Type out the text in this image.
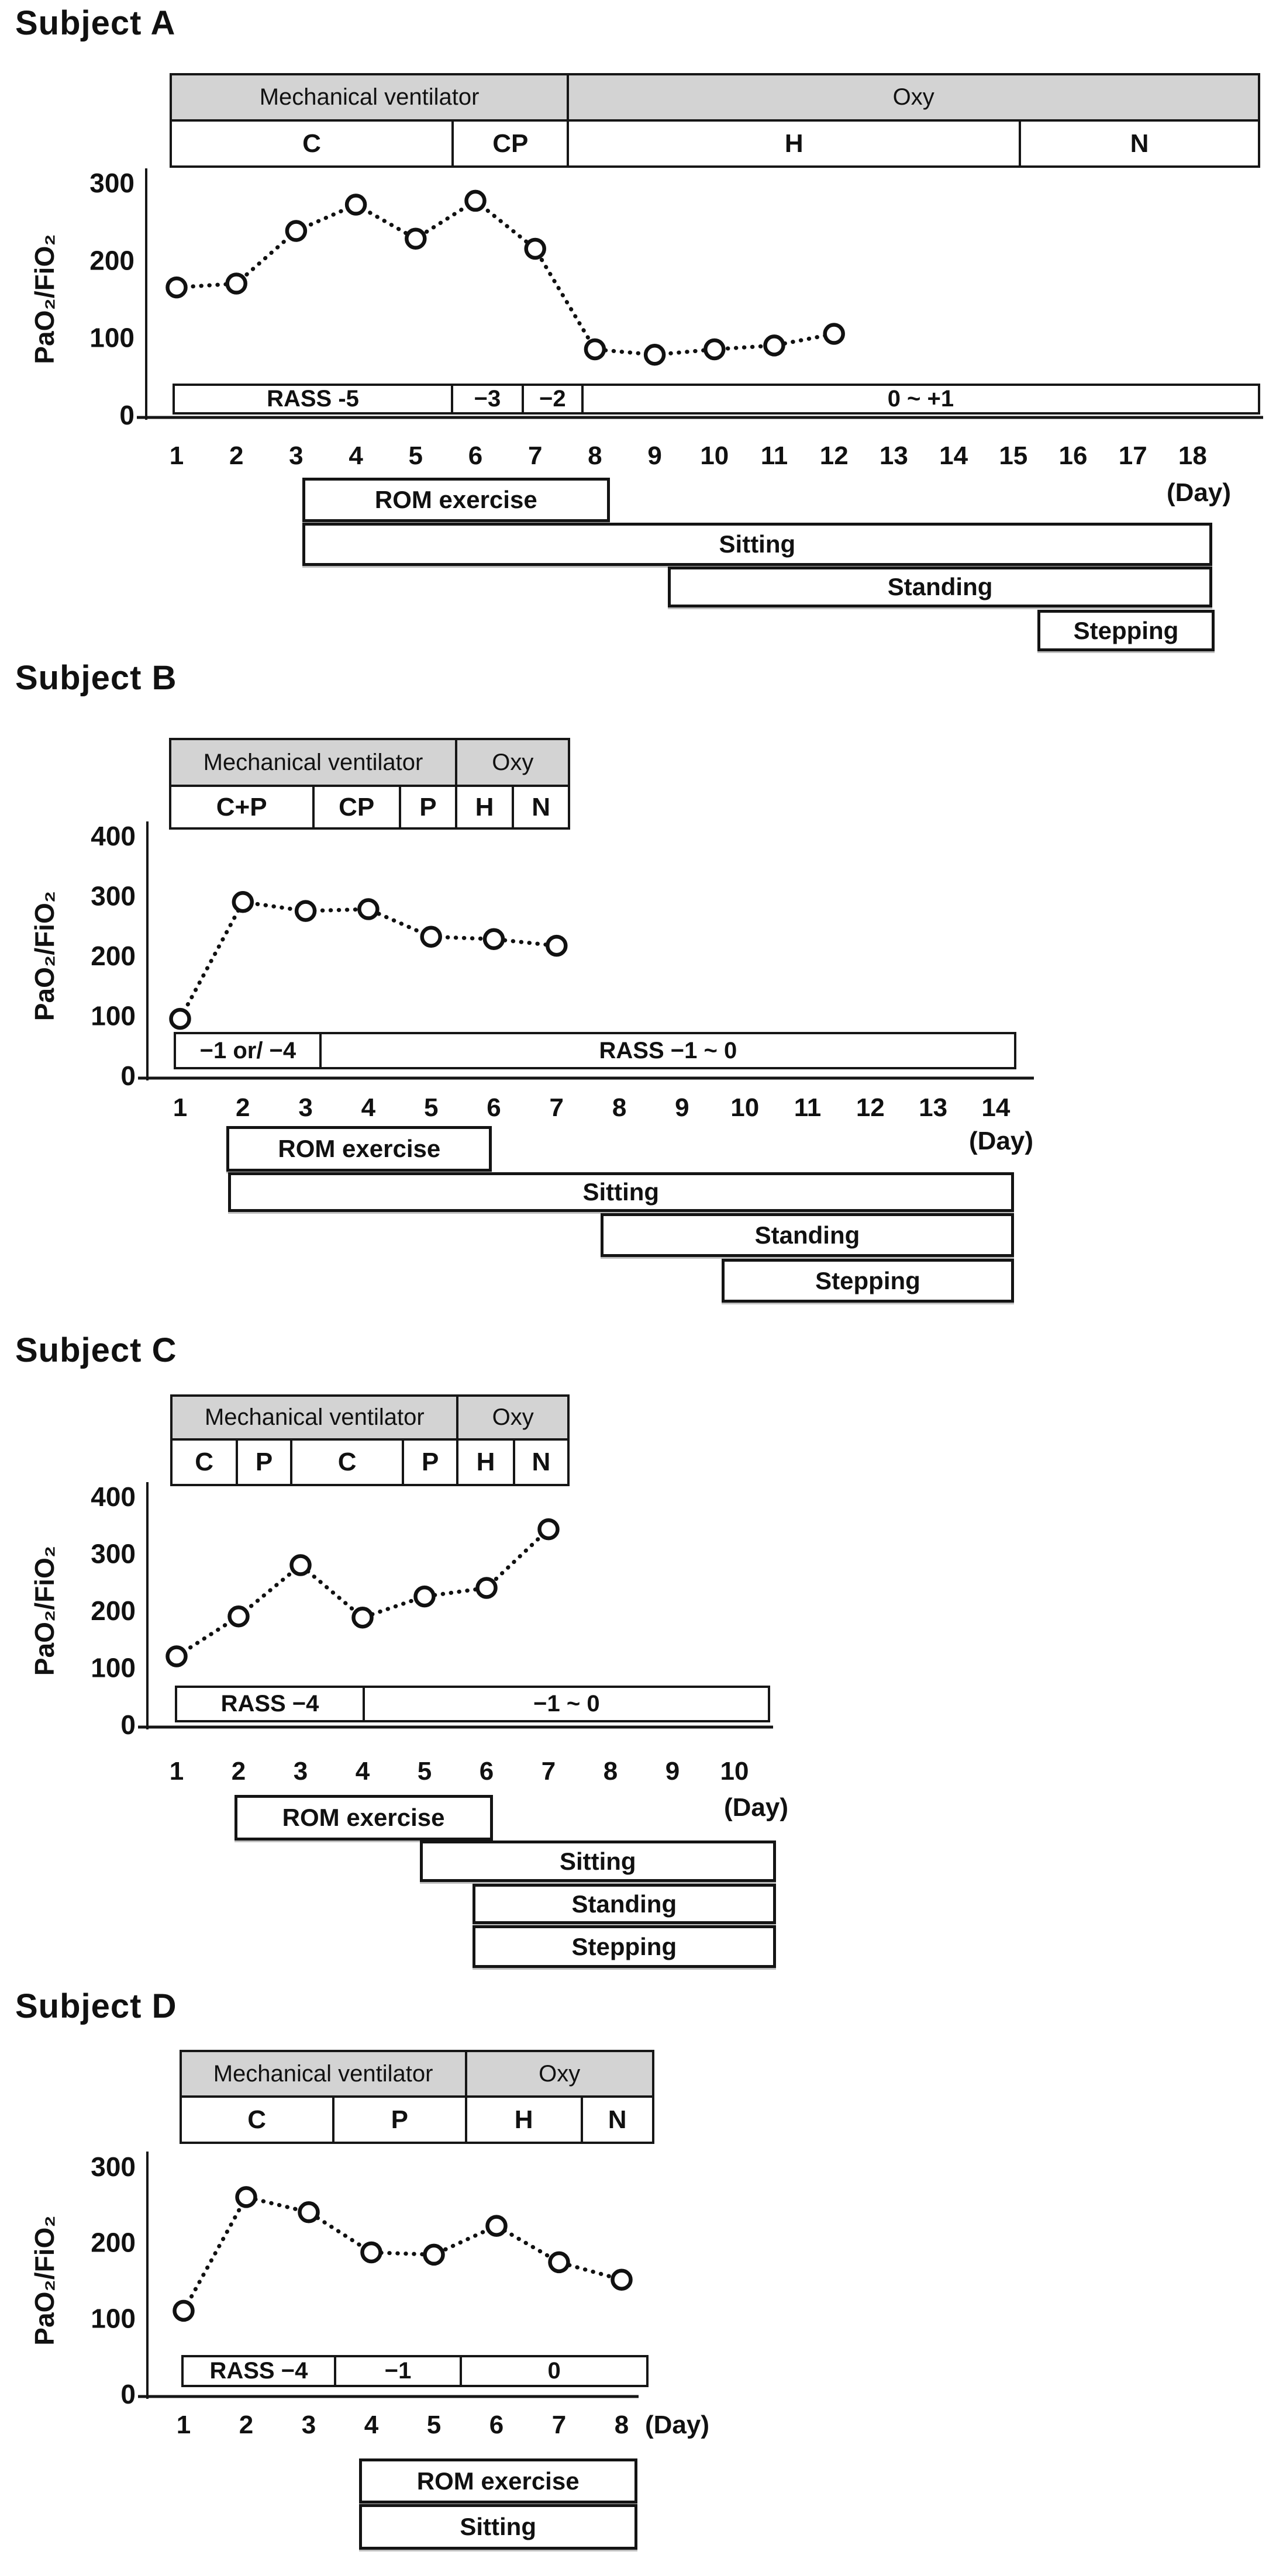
300
200
100
0
PaO₂/FiO₂
1 2 3 4 5 6 7 8 9 10 11 12 13 14 15 16 17 18
(Day)
Subject A
Mechanical ventilator	Oxy
C	CP	H	N
RASS -5	−3 −2	0 ~ +1
ROM exercise
Sitting
Standing
Stepping
400
300
200
100
0
PaO₂/FiO₂
1 2 3 4 5 6 7 8 9 10 11 12 13 14
(Day)
Subject B
Mechanical ventilator	Oxy
C+P	CP P H N
−1 or/ −4	RASS −1 ~ 0
ROM exercise
Sitting
Standing
Stepping
400
300
200
100
0
PaO₂/FiO₂
1 2 3 4 5 6 7 8 9 10
(Day)
Subject C
Mechanical ventilator	Oxy
C P	C	P H N
RASS −4	−1 ~ 0
ROM exercise
Sitting
Standing
Stepping
300
200
100
0
PaO₂/FiO₂
1 2 3 4 5 6 7 8 (Day)
Subject D
Mechanical ventilator	Oxy
C	P	H	N
RASS −4	−1	0
ROM exercise
Sitting
